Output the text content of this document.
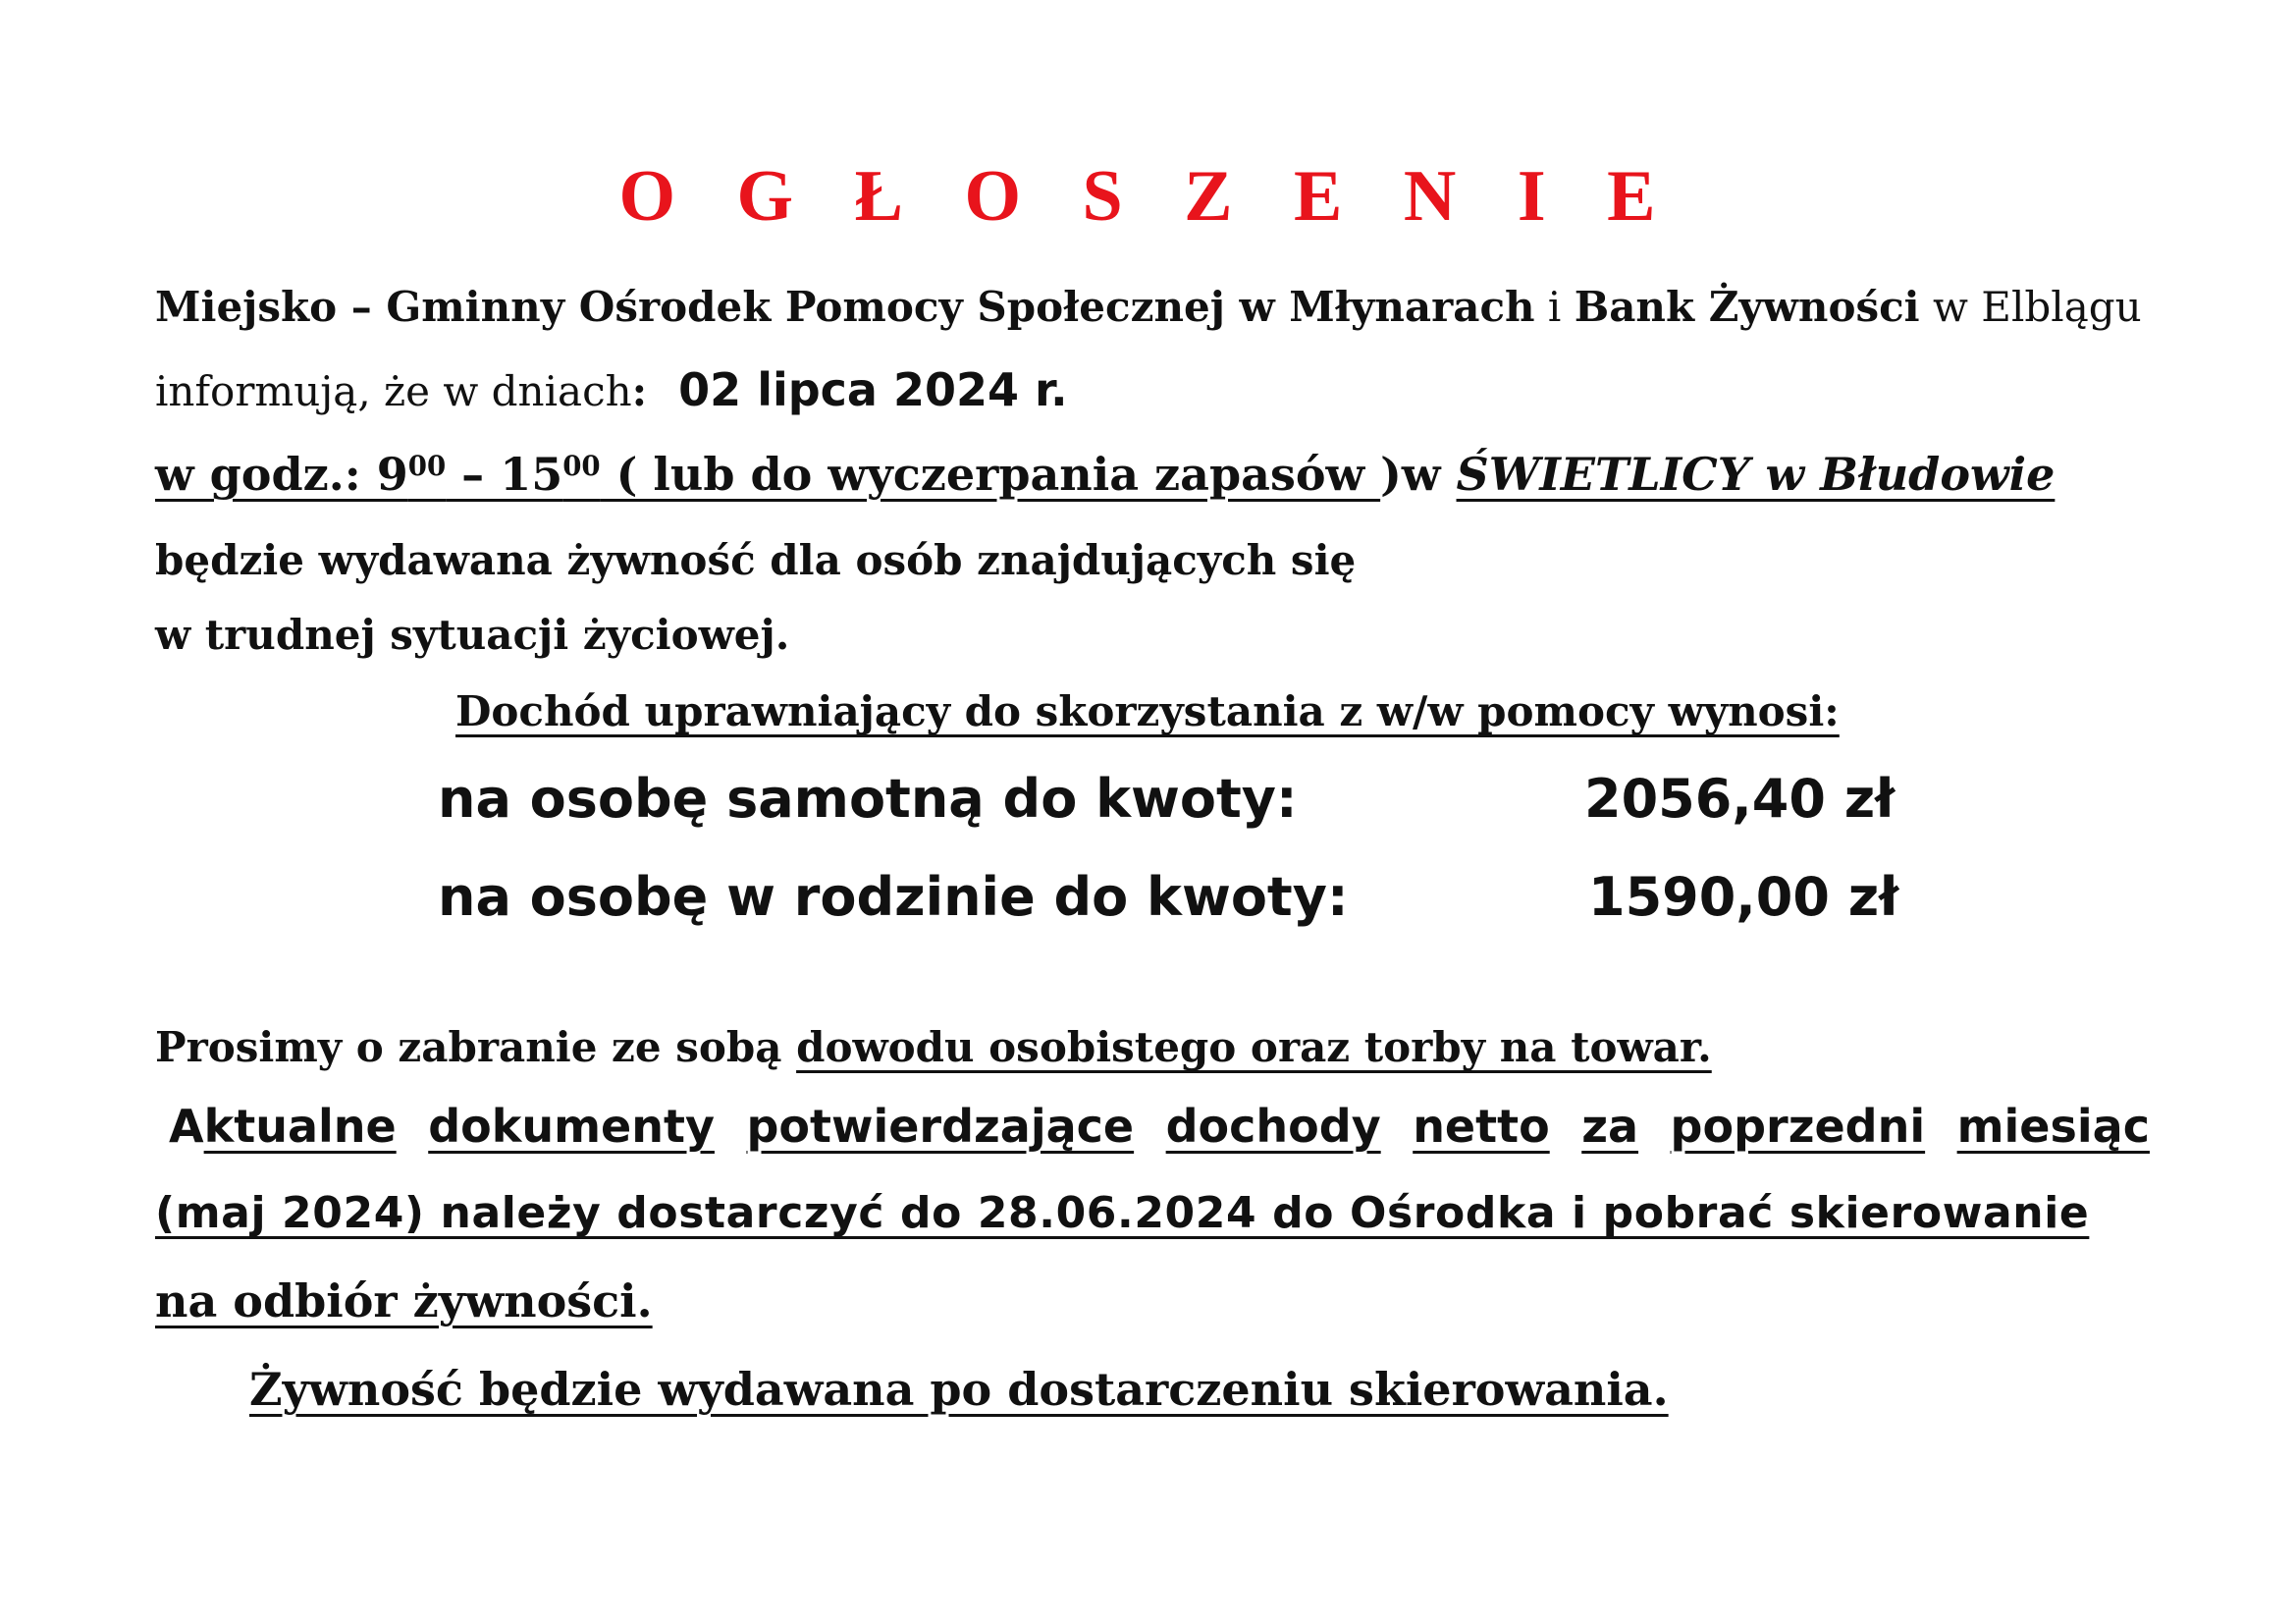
O G Ł O S Z E N I E
Miejsko – Gminny Ośrodek Pomocy Społecznej w Młynarach i Bank Żywności w Elblągu
informują, że w dniach: 02 lipca 2024 r.
w godz.: $9^{00} - 15^{00}$ ( lub do wyczerpania zapasów )w ŚWIETLICY w Błudowie
będzie wydawana żywność dla osób znajdujących się
w trudnej sytuacji życiowej.
Dochód uprawniający do skorzystania z w/w pomocy wynosi:
na osobę samotną do kwoty:	2056,40 zł
na osobę w rodzinie do kwoty:	1590,00 zł
Prosimy o zabranie ze sobą dowodu osobistego oraz torby na towar.
Aktualne dokumenty potwierdzające dochody netto za poprzedni miesiąc
(maj 2024) należy dostarczyć do 28.06.2024 do Ośrodka i pobrać skierowanie
na odbiór żywności.
Żywność będzie wydawana po dostarczeniu skierowania.
